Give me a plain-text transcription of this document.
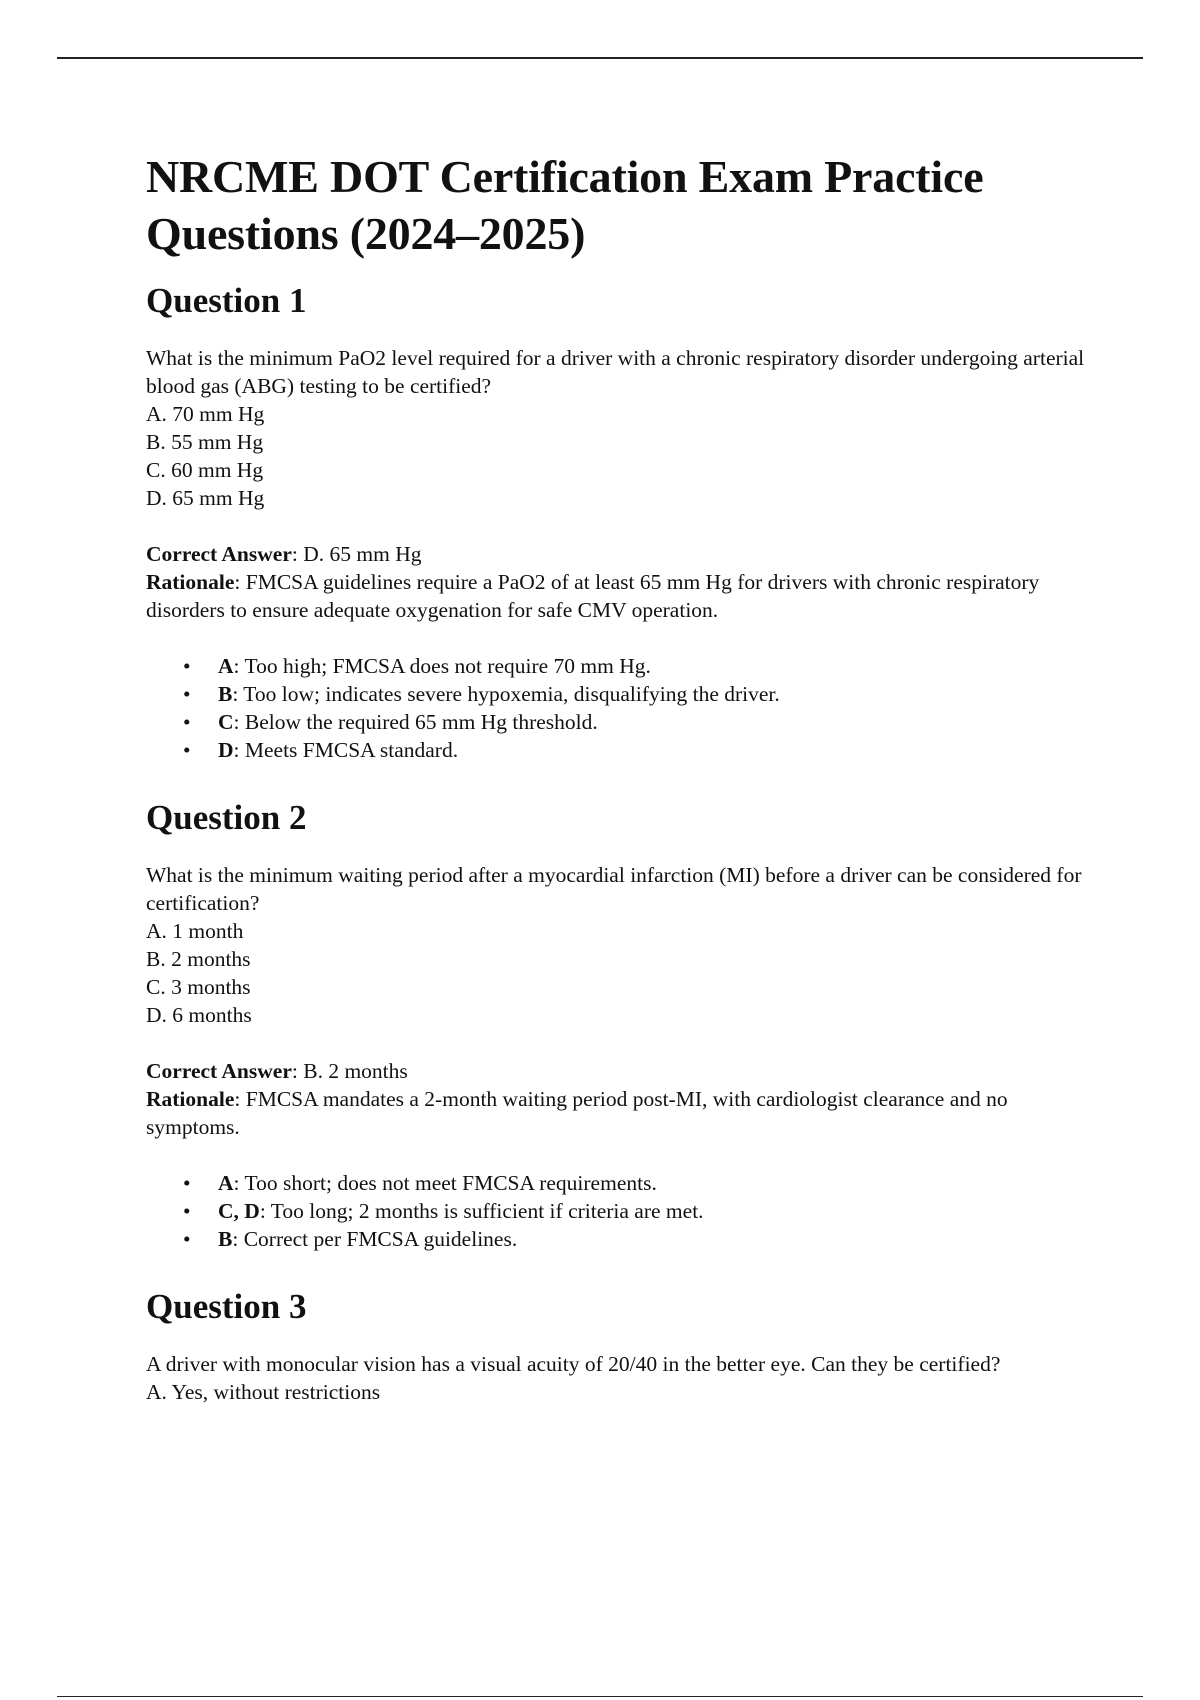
NRCME DOT Certification Exam Practice Questions (2024–2025)
Question 1

What is the minimum PaO2 level required for a driver with a chronic respiratory disorder undergoing arterial blood gas (ABG) testing to be certified?

A. 70 mm Hg
B. 55 mm Hg
C. 60 mm Hg
D. 65 mm Hg

Correct Answer: D. 65 mm Hg

Rationale: FMCSA guidelines require a PaO2 of at least 65 mm Hg for drivers with chronic respiratory disorders to ensure adequate oxygenation for safe CMV operation.

• A: Too high; FMCSA does not require 70 mm Hg.
• B: Too low; indicates severe hypoxemia, disqualifying the driver.
• C: Below the required 65 mm Hg threshold.
• D: Meets FMCSA standard.
Question 2

What is the minimum waiting period after a myocardial infarction (MI) before a driver can be considered for certification?

A. 1 month
B. 2 months
C. 3 months
D. 6 months

Correct Answer: B. 2 months

Rationale: FMCSA mandates a 2-month waiting period post-MI, with cardiologist clearance and no symptoms.

• A: Too short; does not meet FMCSA requirements.
• C, D: Too long; 2 months is sufficient if criteria are met.
• B: Correct per FMCSA guidelines.
Question 3

A driver with monocular vision has a visual acuity of 20/40 in the better eye. Can they be certified?

A. Yes, without restrictions
